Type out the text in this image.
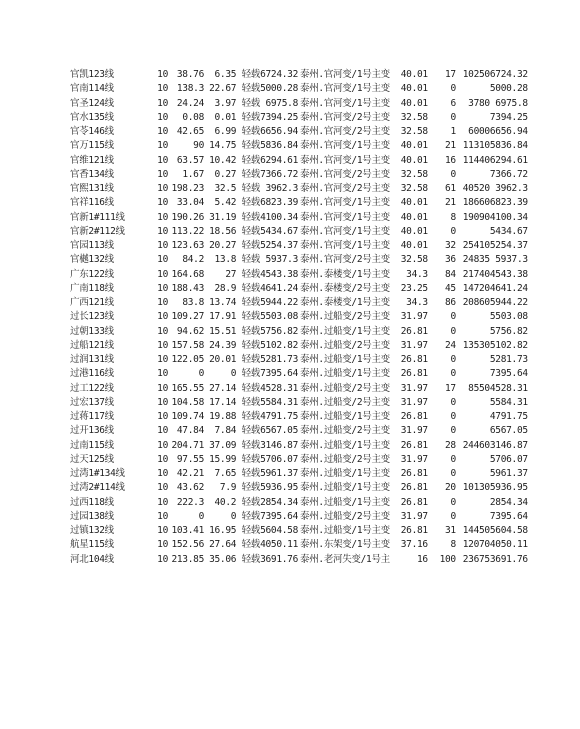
官凯123线	10	38.76	6.35 轻载	6724.32	泰州.官河变/1号主变	40.01	17	10250	6724.32
官南114线	10	138.3	22.67 轻载	5000.28	泰州.官河变/1号主变	40.01	0		5000.28
官圣124线	10	24.24	3.97 轻载	6975.8	泰州.官河变/1号主变	40.01	6	3780	6975.8
官水135线	10	0.08	0.01 轻载	7394.25	泰州.官河变/2号主变	32.58	0		7394.25
官苓146线	10	42.65	6.99 轻载	6656.94	泰州.官河变/2号主变	32.58	1	6000	6656.94
官万115线	10	90	14.75 轻载	5836.84	泰州.官河变/1号主变	40.01	21	11310	5836.84
官维121线	10	63.57	10.42 轻载	6294.61	泰州.官河变/1号主变	40.01	16	11440	6294.61
官香134线	10	1.67	0.27 轻载	7366.72	泰州.官河变/2号主变	32.58	0		7366.72
官熙131线	10	198.23	32.5 轻载	3962.3	泰州.官河变/2号主变	32.58	61	40520	3962.3
官祥116线	10	33.04	5.42 轻载	6823.39	泰州.官河变/1号主变	40.01	21	18660	6823.39
官新1#111线	10	190.26	31.19 轻载	4100.34	泰州.官河变/1号主变	40.01	8	19090	4100.34
官新2#112线	10	113.22	18.56 轻载	5434.67	泰州.官河变/1号主变	40.01	0		5434.67
官园113线	10	123.63	20.27 轻载	5254.37	泰州.官河变/1号主变	40.01	32	25410	5254.37
官樾132线	10	84.2	13.8 轻载	5937.3	泰州.官河变/2号主变	32.58	36	24835	5937.3
广东122线	10	164.68	27 轻载	4543.38	泰州.泰楼变/1号主变	34.3	84	21740	4543.38
广南118线	10	188.43	28.9 轻载	4641.24	泰州.泰楼变/2号主变	23.25	45	14720	4641.24
广西121线	10	83.8	13.74 轻载	5944.22	泰州.泰楼变/1号主变	34.3	86	20860	5944.22
过长123线	10	109.27	17.91 轻载	5503.08	泰州.过船变/2号主变	31.97	0		5503.08
过朝133线	10	94.62	15.51 轻载	5756.82	泰州.过船变/1号主变	26.81	0		5756.82
过船121线	10	157.58	24.39 轻载	5102.82	泰州.过船变/2号主变	31.97	24	13530	5102.82
过润131线	10	122.05	20.01 轻载	5281.73	泰州.过船变/1号主变	26.81	0		5281.73
过港116线	10	0	0 轻载	7395.64	泰州.过船变/1号主变	26.81	0		7395.64
过工122线	10	165.55	27.14 轻载	4528.31	泰州.过船变/2号主变	31.97	17	8550	4528.31
过宏137线	10	104.58	17.14 轻载	5584.31	泰州.过船变/2号主变	31.97	0		5584.31
过蒋117线	10	109.74	19.88 轻载	4791.75	泰州.过船变/1号主变	26.81	0		4791.75
过开136线	10	47.84	7.84 轻载	6567.05	泰州.过船变/2号主变	31.97	0		6567.05
过南115线	10	204.71	37.09 轻载	3146.87	泰州.过船变/1号主变	26.81	28	24460	3146.87
过天125线	10	97.55	15.99 轻载	5706.07	泰州.过船变/2号主变	31.97	0		5706.07
过湾1#134线	10	42.21	7.65 轻载	5961.37	泰州.过船变/1号主变	26.81	0		5961.37
过湾2#114线	10	43.62	7.9 轻载	5936.95	泰州.过船变/1号主变	26.81	20	10130	5936.95
过西118线	10	222.3	40.2 轻载	2854.34	泰州.过船变/1号主变	26.81	0		2854.34
过园138线	10	0	0 轻载	7395.64	泰州.过船变/2号主变	31.97	0		7395.64
过镇132线	10	103.41	16.95 轻载	5604.58	泰州.过船变/1号主变	26.81	31	14450	5604.58
航星115线	10	152.56	27.64 轻载	4050.11	泰州.东架变/1号主变	37.16	8	12070	4050.11
河北104线	10	213.85	35.06 轻载	3691.76	泰州.老河失变/1号主	16	100	23675	3691.76
